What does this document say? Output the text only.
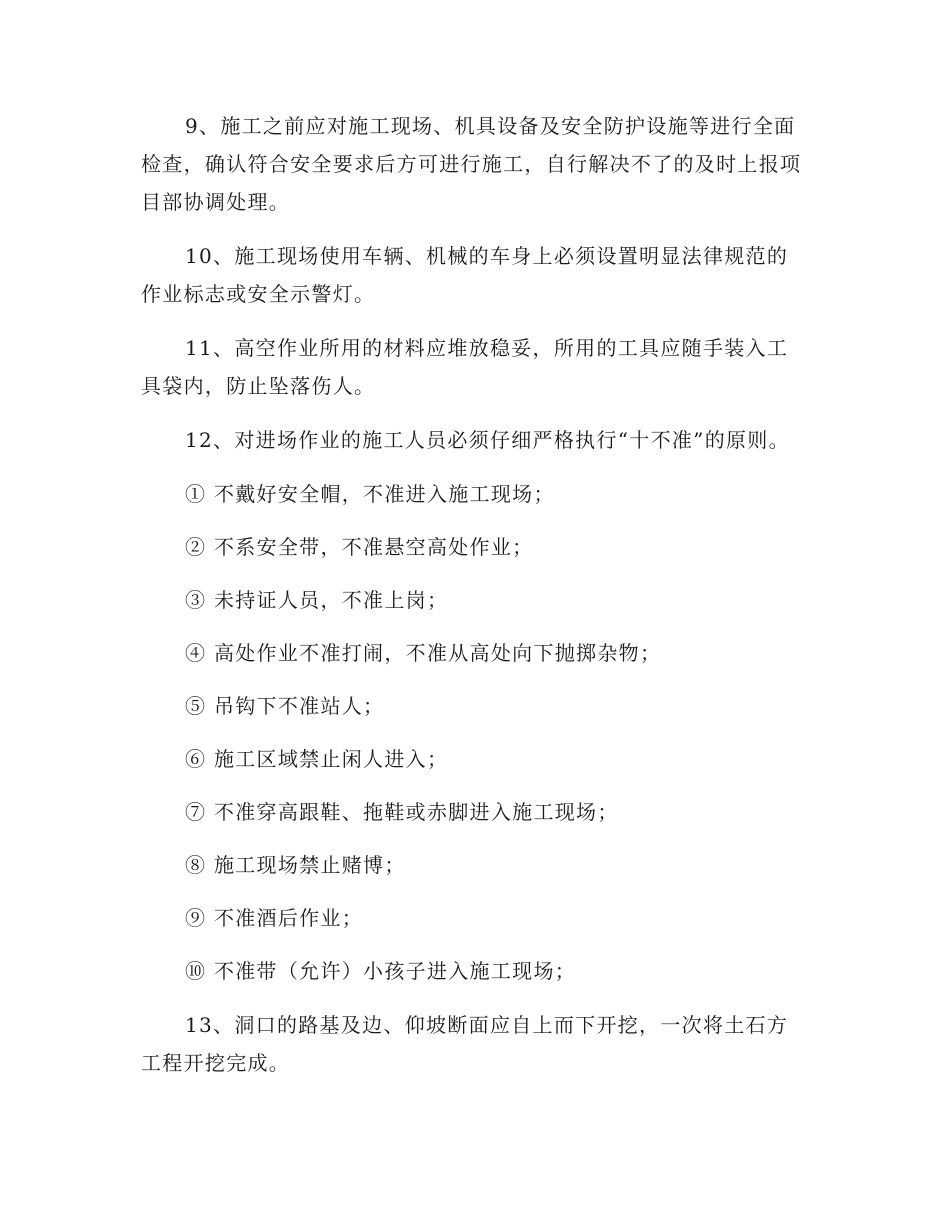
9、施工之前应对施工现场、机具设备及安全防护设施等进行全面检查，确认符合安全要求后方可进行施工，自行解决不了的及时上报项目部协调处理。

10、施工现场使用车辆、机械的车身上必须设置明显法律规范的作业标志或安全示警灯。

11、高空作业所用的材料应堆放稳妥，所用的工具应随手装入工具袋内，防止坠落伤人。

12、对进场作业的施工人员必须仔细严格执行“十不准”的原则。

① 不戴好安全帽，不准进入施工现场；

② 不系安全带，不准悬空高处作业；

③ 未持证人员，不准上岗；

④ 高处作业不准打闹，不准从高处向下抛掷杂物；

⑤ 吊钩下不准站人；

⑥ 施工区域禁止闲人进入；

⑦ 不准穿高跟鞋、拖鞋或赤脚进入施工现场；

⑧ 施工现场禁止赌博；

⑨ 不准酒后作业；

⑩ 不准带（允许）小孩子进入施工现场；

13、洞口的路基及边、仰坡断面应自上而下开挖，一次将土石方工程开挖完成。
